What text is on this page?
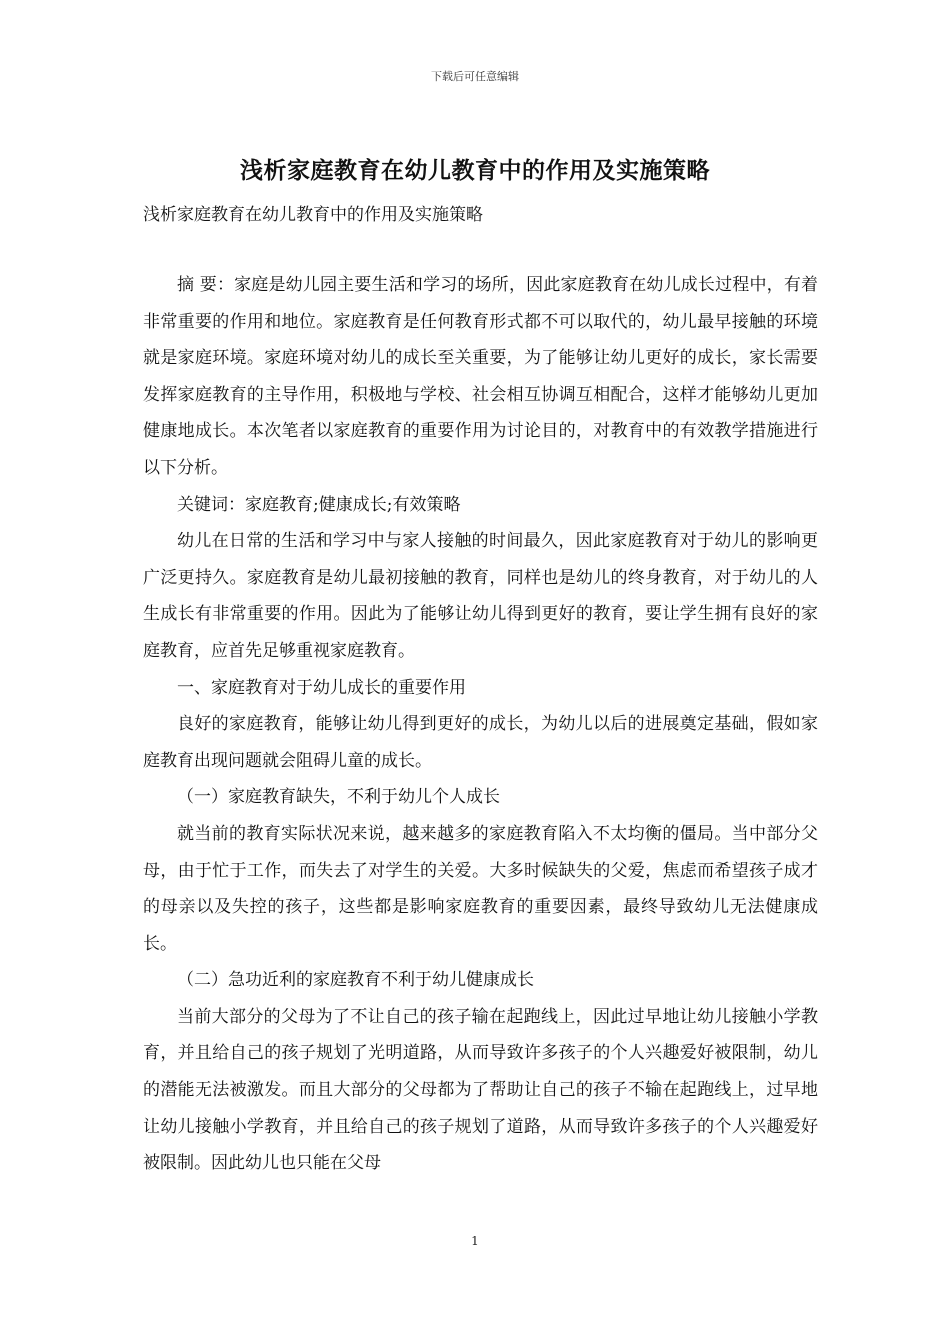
下载后可任意编辑
浅析家庭教育在幼儿教育中的作用及实施策略

浅析家庭教育在幼儿教育中的作用及实施策略

摘 要：家庭是幼儿园主要生活和学习的场所，因此家庭教育在幼儿成长过程中，有着非常重要的作用和地位。家庭教育是任何教育形式都不可以取代的，幼儿最早接触的环境就是家庭环境。家庭环境对幼儿的成长至关重要，为了能够让幼儿更好的成长，家长需要发挥家庭教育的主导作用，积极地与学校、社会相互协调互相配合，这样才能够幼儿更加健康地成长。本次笔者以家庭教育的重要作用为讨论目的，对教育中的有效教学措施进行以下分析。

关键词：家庭教育;健康成长;有效策略

幼儿在日常的生活和学习中与家人接触的时间最久，因此家庭教育对于幼儿的影响更广泛更持久。家庭教育是幼儿最初接触的教育，同样也是幼儿的终身教育，对于幼儿的人生成长有非常重要的作用。因此为了能够让幼儿得到更好的教育，要让学生拥有良好的家庭教育，应首先足够重视家庭教育。

一、家庭教育对于幼儿成长的重要作用

良好的家庭教育，能够让幼儿得到更好的成长，为幼儿以后的进展奠定基础，假如家庭教育出现问题就会阻碍儿童的成长。

（一）家庭教育缺失，不利于幼儿个人成长

就当前的教育实际状况来说，越来越多的家庭教育陷入不太均衡的僵局。当中部分父母，由于忙于工作，而失去了对学生的关爱。大多时候缺失的父爱，焦虑而希望孩子成才的母亲以及失控的孩子，这些都是影响家庭教育的重要因素，最终导致幼儿无法健康成长。

（二）急功近利的家庭教育不利于幼儿健康成长

当前大部分的父母为了不让自己的孩子输在起跑线上，因此过早地让幼儿接触小学教育，并且给自己的孩子规划了光明道路，从而导致许多孩子的个人兴趣爱好被限制，幼儿的潜能无法被激发。而且大部分的父母都为了帮助让自己的孩子不输在起跑线上，过早地让幼儿接触小学教育，并且给自己的孩子规划了道路，从而导致许多孩子的个人兴趣爱好被限制。因此幼儿也只能在父母

1
